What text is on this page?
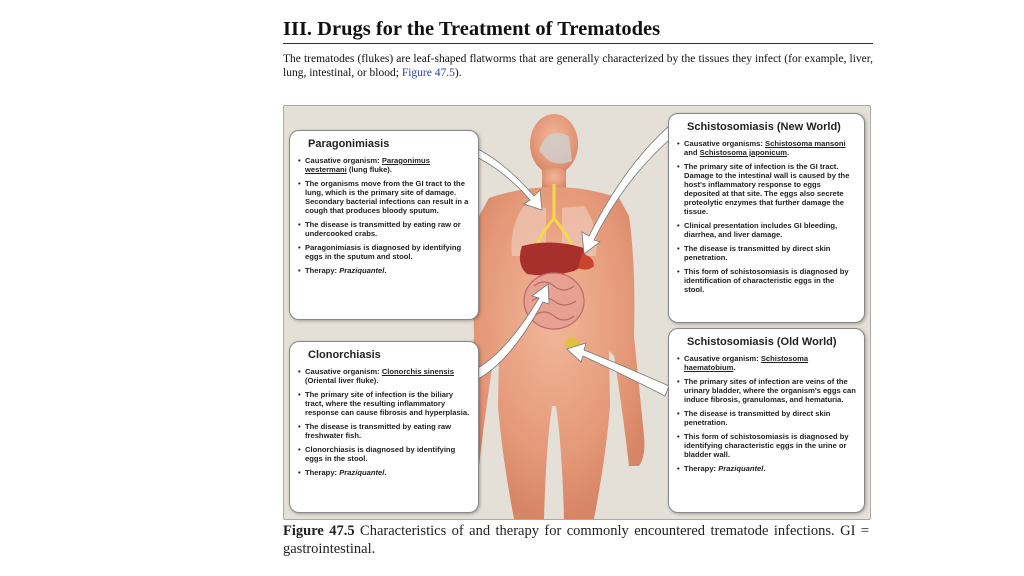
III. Drugs for the Treatment of Trematodes
The trematodes (flukes) are leaf-shaped flatworms that are generally characterized by the tissues they infect (for example, liver, lung, intestinal, or blood; Figure 47.5).
Paragonimiasis
• Causative organism: Paragonimus westermani (lung fluke).
• The organisms move from the GI tract to the lung, which is the primary site of damage. Secondary bacterial infections can result in a cough that produces bloody sputum.
• The disease is transmitted by eating raw or undercooked crabs.
• Paragonimiasis is diagnosed by identifying eggs in the sputum and stool.
• Therapy: Praziquantel.
Clonorchiasis
• Causative organism: Clonorchis sinensis (Oriental liver fluke).
• The primary site of infection is the biliary tract, where the resulting inflammatory response can cause fibrosis and hyperplasia.
• The disease is transmitted by eating raw freshwater fish.
• Clonorchiasis is diagnosed by identifying eggs in the stool.
• Therapy: Praziquantel.
Schistosomiasis (New World)
• Causative organisms: Schistosoma mansoni and Schistosoma japonicum.
• The primary site of infection is the GI tract. Damage to the intestinal wall is caused by the host's inflammatory response to eggs deposited at that site. The eggs also secrete proteolytic enzymes that further damage the tissue.
• Clinical presentation includes GI bleeding, diarrhea, and liver damage.
• The disease is transmitted by direct skin penetration.
• This form of schistosomiasis is diagnosed by identification of characteristic eggs in the stool.
Schistosomiasis (Old World)
• Causative organism: Schistosoma haematobium.
• The primary sites of infection are veins of the urinary bladder, where the organism's eggs can induce fibrosis, granulomas, and hematuria.
• The disease is transmitted by direct skin penetration.
• This form of schistosomiasis is diagnosed by identifying characteristic eggs in the urine or bladder wall.
• Therapy: Praziquantel.
Figure 47.5 Characteristics of and therapy for commonly encountered trematode infections. GI = gastrointestinal.
